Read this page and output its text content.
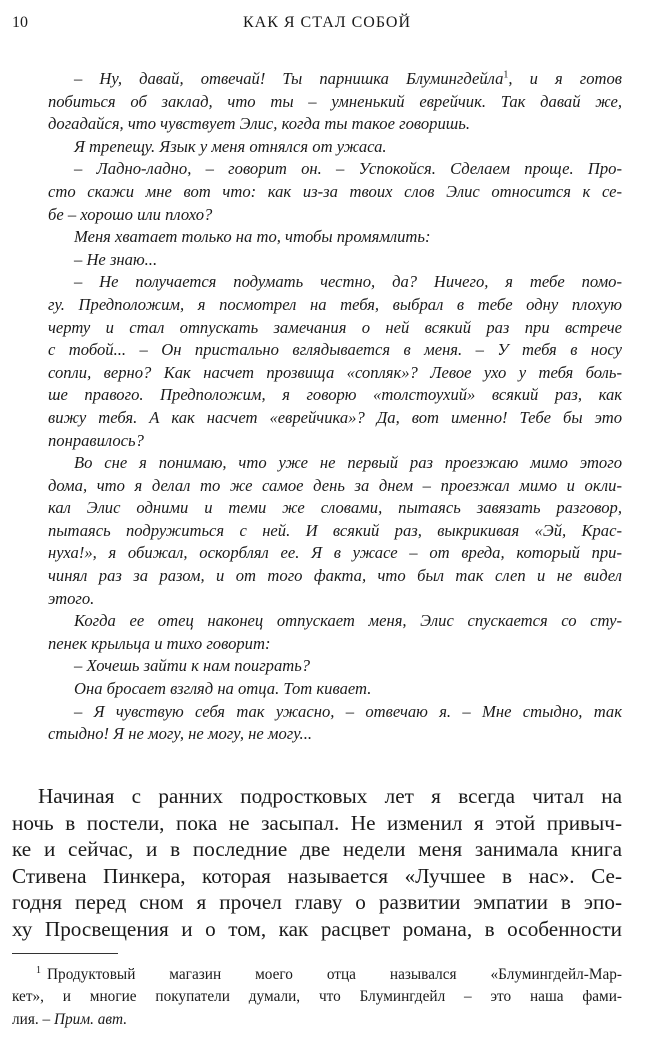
10	КАК Я СТАЛ СОБОЙ
– Ну, давай, отвечай! Ты парнишка Блумингдейла$^1$, и я готов
побиться об заклад, что ты – умненький еврейчик. Так давай же,
догадайся, что чувствует Элис, когда ты такое говоришь.
Я трепещу. Язык у меня отнялся от ужаса.
– Ладно-ладно, – говорит он. – Успокойся. Сделаем проще. Про-
сто скажи мне вот что: как из-за твоих слов Элис относится к се-
бе – хорошо или плохо?
Меня хватает только на то, чтобы промямлить:
– Не знаю...
– Не получается подумать честно, да? Ничего, я тебе помо-
гу. Предположим, я посмотрел на тебя, выбрал в тебе одну плохую
черту и стал отпускать замечания о ней всякий раз при встрече
с тобой... – Он пристально вглядывается в меня. – У тебя в носу
сопли, верно? Как насчет прозвища «сопляк»? Левое ухо у тебя боль-
ше правого. Предположим, я говорю «толстоухий» всякий раз, как
вижу тебя. А как насчет «еврейчика»? Да, вот именно! Тебе бы это
понравилось?
Во сне я понимаю, что уже не первый раз проезжаю мимо этого
дома, что я делал то же самое день за днем – проезжал мимо и окли-
кал Элис одними и теми же словами, пытаясь завязать разговор,
пытаясь подружиться с ней. И всякий раз, выкрикивая «Эй, Крас-
нуха!», я обижал, оскорблял ее. Я в ужасе – от вреда, который при-
чинял раз за разом, и от того факта, что был так слеп и не видел
этого.
Когда ее отец наконец отпускает меня, Элис спускается со сту-
пенек крыльца и тихо говорит:
– Хочешь зайти к нам поиграть?
Она бросает взгляд на отца. Тот кивает.
– Я чувствую себя так ужасно, – отвечаю я. – Мне стыдно, так
стыдно! Я не могу, не могу, не могу...
Начиная с ранних подростковых лет я всегда читал на
ночь в постели, пока не засыпал. Не изменил я этой привыч-
ке и сейчас, и в последние две недели меня занимала книга
Стивена Пинкера, которая называется «Лучшее в нас». Се-
годня перед сном я прочел главу о развитии эмпатии в эпо-
ху Просвещения и о том, как расцвет романа, в особенности
$^1$ Продуктовый магазин моего отца назывался «Блумингдейл-Мар-
кет», и многие покупатели думали, что Блумингдейл – это наша фами-
лия. – Прим. авт.
